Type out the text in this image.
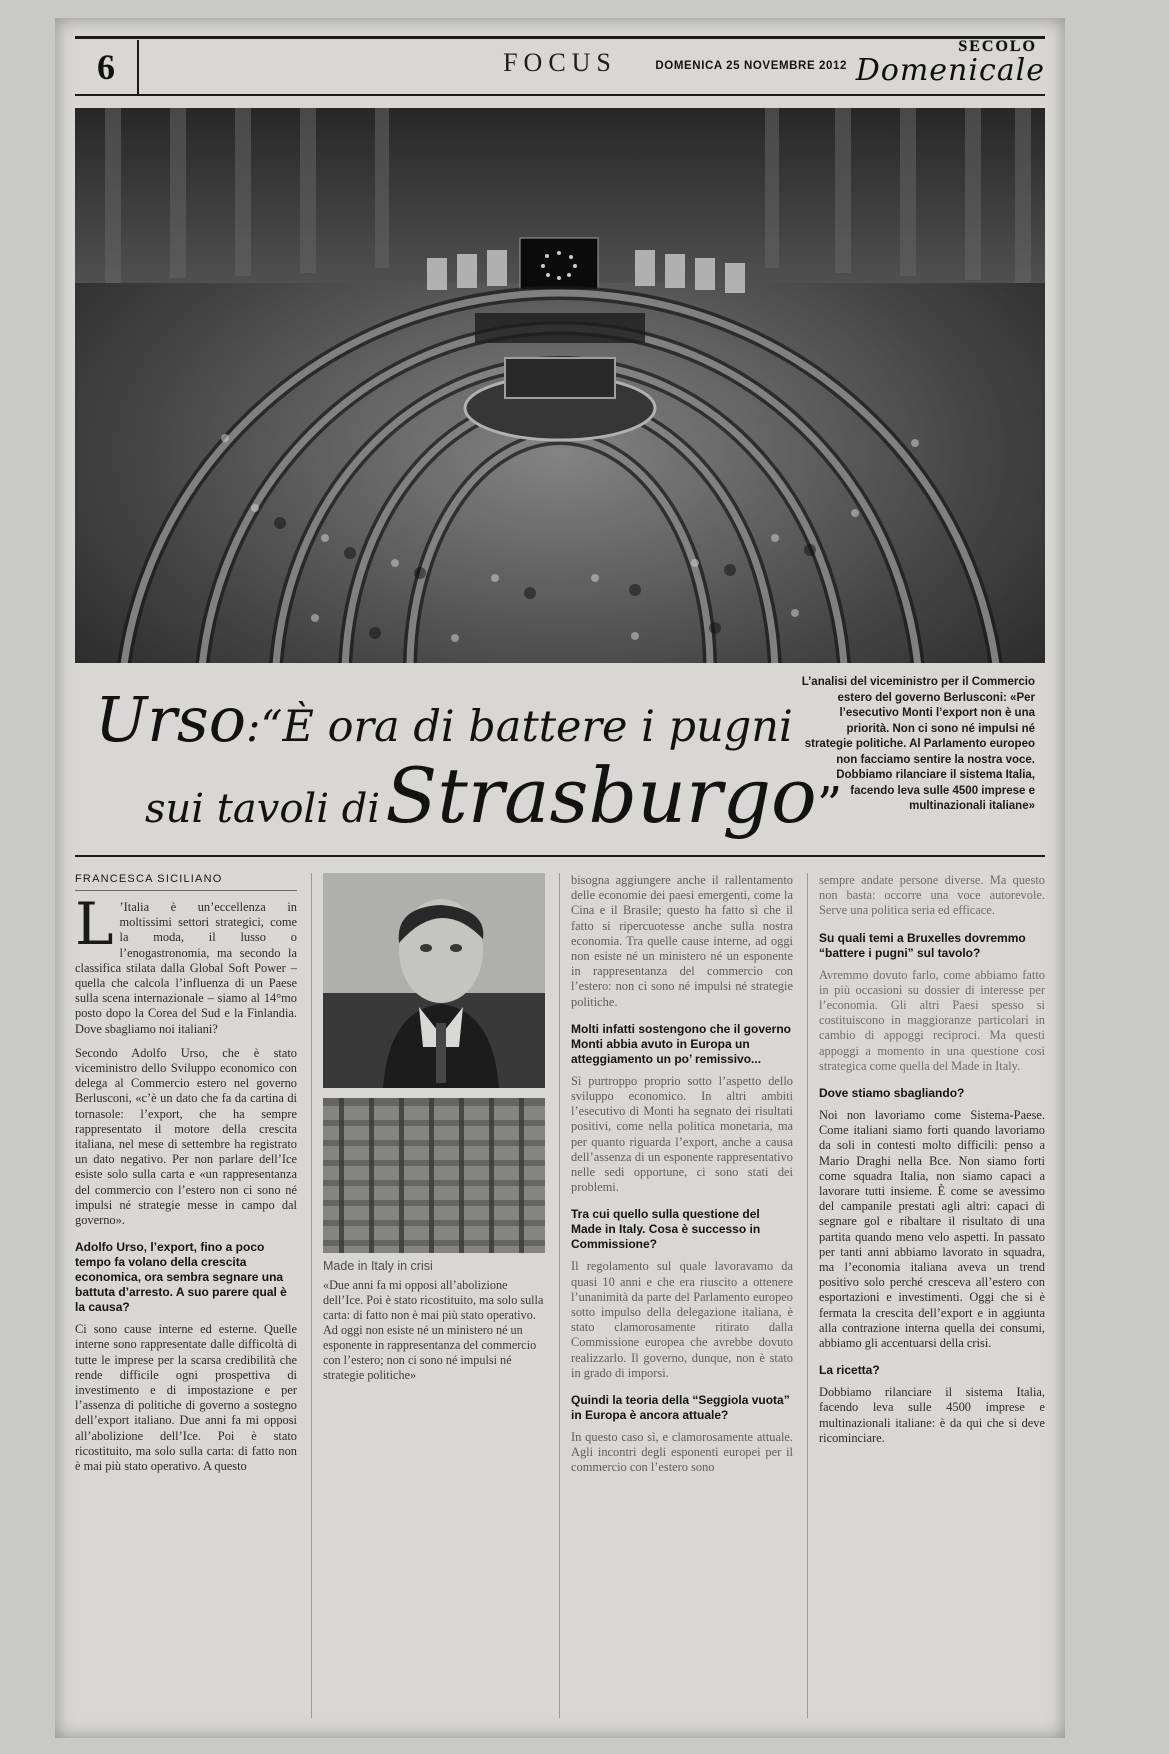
6	FOCUS	DOMENICA 25 NOVEMBRE 2012
SECOLO
Domenicale
Urso:“È ora di battere i pugni
sui tavoli di Strasburgo”
L’analisi del viceministro per il Commercio estero del governo Berlusconi: «Per l’esecutivo Monti l’export non è una priorità. Non ci sono né impulsi né strategie politiche. Al Parlamento europeo non facciamo sentire la nostra voce. Dobbiamo rilanciare il sistema Italia, facendo leva sulle 4500 imprese e multinazionali italiane»
FRANCESCA SICILIANO

L ’Italia è un’eccellenza in moltissimi settori strategici, come la moda, il lusso o l’enogastronomia, ma secondo la classifica stilata dalla Global Soft Power – quella che calcola l’influenza di un Paese sulla scena internazionale – siamo al 14°mo posto dopo la Corea del Sud e la Finlandia. Dove sbagliamo noi italiani?

Secondo Adolfo Urso, che è stato viceministro dello Sviluppo economico con delega al Commercio estero nel governo Berlusconi, «c’è un dato che fa da cartina di tornasole: l’export, che ha sempre rappresentato il motore della crescita italiana, nel mese di settembre ha registrato un dato negativo. Per non parlare dell’Ice esiste solo sulla carta e «un rappresentanza del commercio con l’estero non ci sono né impulsi né strategie messe in campo dal governo».

Adolfo Urso, l’export, fino a poco tempo fa volano della crescita economica, ora sembra segnare una battuta d’arresto. A suo parere qual è la causa?

Ci sono cause interne ed esterne. Quelle interne sono rappresentate dalle difficoltà di tutte le imprese per la scarsa credibilità che rende difficile ogni prospettiva di investimento e di impostazione e per l’assenza di politiche di governo a sostegno dell’export italiano. Due anni fa mi opposi all’abolizione dell’Ice. Poi è stato ricostituito, ma solo sulla carta: di fatto non è mai più stato operativo. A questo

Made in Italy in crisi
«Due anni fa mi opposi all’abolizione dell’Ice. Poi è stato ricostituito, ma solo sulla carta: di fatto non è mai più stato operativo. Ad oggi non esiste né un ministero né un esponente in rappresentanza del commercio con l’estero; non ci sono né impulsi né strategie politiche»

bisogna aggiungere anche il rallentamento delle economie dei paesi emergenti, come la Cina e il Brasile; questo ha fatto sì che il fatto si ripercuotesse anche sulla nostra economia. Tra quelle cause interne, ad oggi non esiste né un ministero né un esponente in rappresentanza del commercio con l’estero: non ci sono né impulsi né strategie politiche.

Molti infatti sostengono che il governo Monti abbia avuto in Europa un atteggiamento un po’ remissivo...

Sì purtroppo proprio sotto l’aspetto dello sviluppo economico. In altri ambiti l’esecutivo di Monti ha segnato dei risultati positivi, come nella politica monetaria, ma per quanto riguarda l’export, anche a causa dell’assenza di un esponente rappresentativo nelle sedi opportune, ci sono stati dei problemi.

Tra cui quello sulla questione del Made in Italy. Cosa è successo in Commissione?

Il regolamento sul quale lavoravamo da quasi 10 anni e che era riuscito a ottenere l’unanimità da parte del Parlamento europeo sotto impulso della delegazione italiana, è stato clamorosamente ritirato dalla Commissione europea che avrebbe dovuto realizzarlo. Il governo, dunque, non è stato in grado di imporsi.

Quindi la teoria della “Seggiola vuota” in Europa è ancora attuale?

In questo caso sì, e clamorosamente attuale. Agli incontri degli esponenti europei per il commercio con l’estero sono

sempre andate persone diverse. Ma questo non basta: occorre una voce autorevole. Serve una politica seria ed efficace.

Su quali temi a Bruxelles dovremmo “battere i pugni” sul tavolo?

Avremmo dovuto farlo, come abbiamo fatto in più occasioni su dossier di interesse per l’economia. Gli altri Paesi spesso si costituiscono in maggioranze particolari in cambio di appoggi reciproci. Ma questi appoggi a momento in una questione così strategica come quella del Made in Italy.

Dove stiamo sbagliando?

Noi non lavoriamo come Sistema-Paese. Come italiani siamo forti quando lavoriamo da soli in contesti molto difficili: penso a Mario Draghi nella Bce. Non siamo forti come squadra Italia, non siamo capaci a lavorare tutti insieme. È come se avessimo del campanile prestati agli altri: capaci di segnare gol e ribaltare il risultato di una partita quando meno velo aspetti. In passato per tanti anni abbiamo lavorato in squadra, ma l’economia italiana aveva un trend positivo solo perché cresceva all’estero con esportazioni e investimenti. Oggi che si è fermata la crescita dell’export e in aggiunta alla contrazione interna quella dei consumi, abbiamo gli accentuarsi della crisi.

La ricetta?

Dobbiamo rilanciare il sistema Italia, facendo leva sulle 4500 imprese e multinazionali italiane: è da qui che si deve ricominciare.
